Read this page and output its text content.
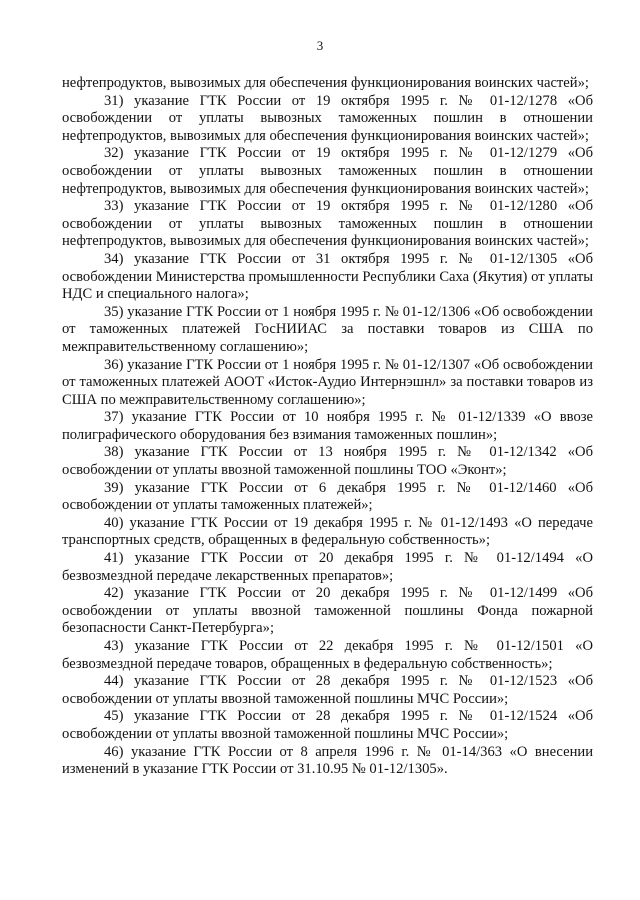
3

нефтепродуктов, вывозимых для обеспечения функционирования воинских частей»;

31) указание ГТК России от 19 октября 1995 г. № 01-12/1278 «Об освобождении от уплаты вывозных таможенных пошлин в отношении нефтепродуктов, вывозимых для обеспечения функционирования воинских частей»;

32) указание ГТК России от 19 октября 1995 г. № 01-12/1279 «Об освобождении от уплаты вывозных таможенных пошлин в отношении нефтепродуктов, вывозимых для обеспечения функционирования воинских частей»;

33) указание ГТК России от 19 октября 1995 г. № 01-12/1280 «Об освобождении от уплаты вывозных таможенных пошлин в отношении нефтепродуктов, вывозимых для обеспечения функционирования воинских частей»;

34) указание ГТК России от 31 октября 1995 г. № 01-12/1305 «Об освобождении Министерства промышленности Республики Саха (Якутия) от уплаты НДС и специального налога»;

35) указание ГТК России от 1 ноября 1995 г. № 01-12/1306 «Об освобождении от таможенных платежей ГосНИИАС за поставки товаров из США по межправительственному соглашению»;

36) указание ГТК России от 1 ноября 1995 г. № 01-12/1307 «Об освобождении от таможенных платежей АООТ «Исток-Аудио Интернэшнл» за поставки товаров из США по межправительственному соглашению»;

37) указание ГТК России от 10 ноября 1995 г. № 01-12/1339 «О ввозе полиграфического оборудования без взимания таможенных пошлин»;

38) указание ГТК России от 13 ноября 1995 г. № 01-12/1342 «Об освобождении от уплаты ввозной таможенной пошлины ТОО «Эконт»;

39) указание ГТК России от 6 декабря 1995 г. № 01-12/1460 «Об освобождении от уплаты таможенных платежей»;

40) указание ГТК России от 19 декабря 1995 г. № 01-12/1493 «О передаче транспортных средств, обращенных в федеральную собственность»;

41) указание ГТК России от 20 декабря 1995 г. № 01-12/1494 «О безвозмездной передаче лекарственных препаратов»;

42) указание ГТК России от 20 декабря 1995 г. № 01-12/1499 «Об освобождении от уплаты ввозной таможенной пошлины Фонда пожарной безопасности Санкт-Петербурга»;

43) указание ГТК России от 22 декабря 1995 г. № 01-12/1501 «О безвозмездной передаче товаров, обращенных в федеральную собственность»;

44) указание ГТК России от 28 декабря 1995 г. № 01-12/1523 «Об освобождении от уплаты ввозной таможенной пошлины МЧС России»;

45) указание ГТК России от 28 декабря 1995 г. № 01-12/1524 «Об освобождении от уплаты ввозной таможенной пошлины МЧС России»;

46) указание ГТК России от 8 апреля 1996 г. № 01-14/363 «О внесении изменений в указание ГТК России от 31.10.95 № 01-12/1305».
